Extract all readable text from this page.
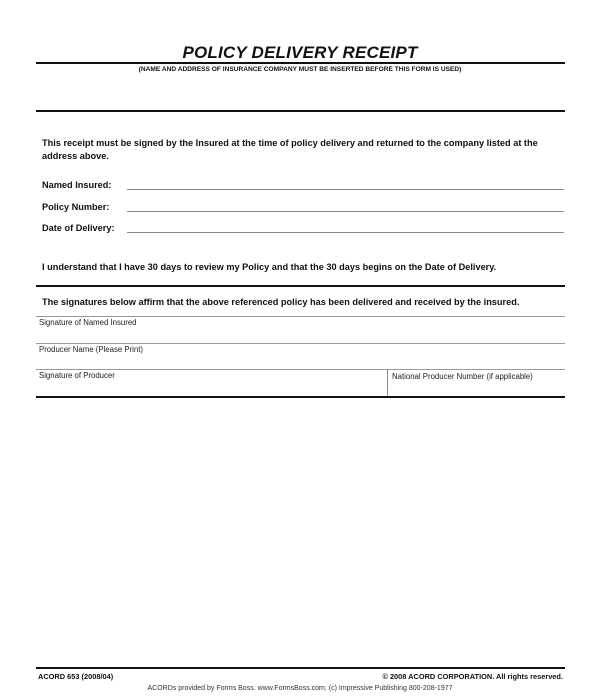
POLICY DELIVERY RECEIPT
(NAME AND ADDRESS OF INSURANCE COMPANY MUST BE INSERTED BEFORE THIS FORM IS USED)
This receipt must be signed by the Insured at the time of policy delivery and returned to the company listed at the address above.
Named Insured:
Policy Number:
Date of Delivery:
I understand that I have 30 days to review my Policy and that the 30 days begins on the Date of Delivery.
The signatures below affirm that the above referenced policy has been delivered and received by the insured.
Signature of Named Insured
Producer Name (Please Print)
Signature of Producer	National Producer Number (if applicable)
ACORD 653 (2008/04)	© 2008 ACORD CORPORATION. All rights reserved.
ACORDs provided by Forms Boss. www.FormsBoss.com; (c) Impressive Publishing 800-208-1977
